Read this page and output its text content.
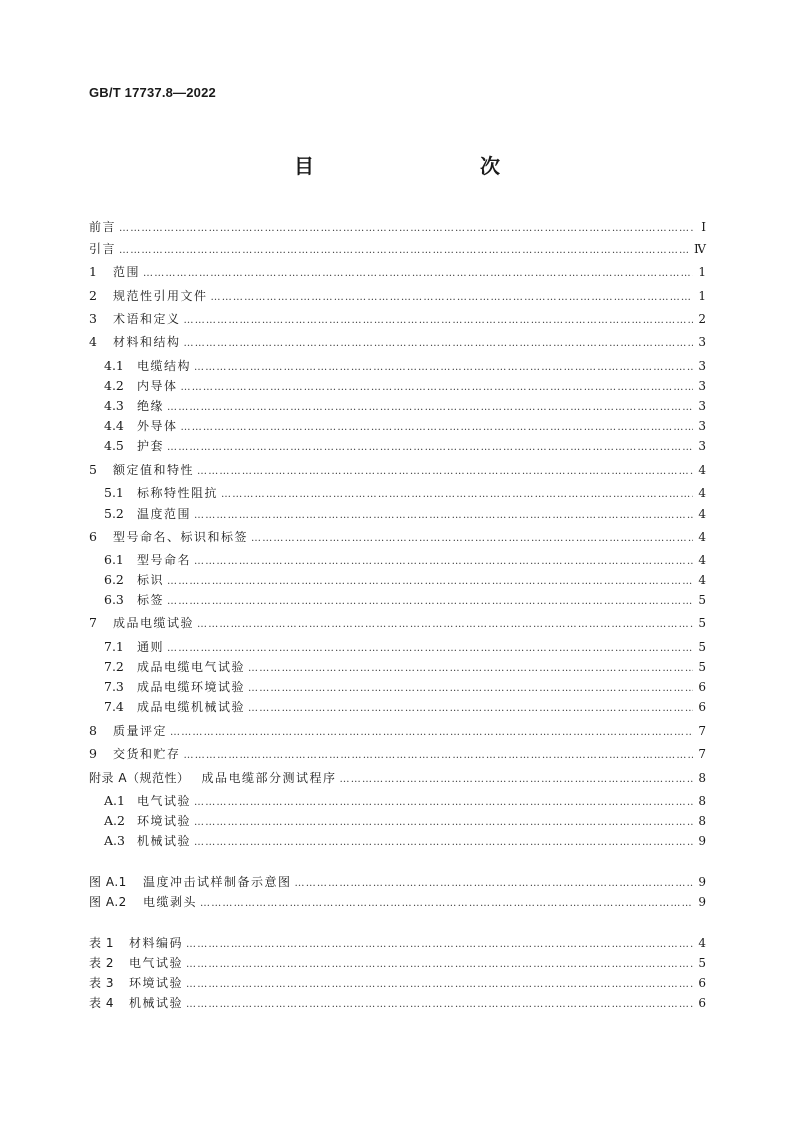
GB/T 17737.8—2022
目　　次
前言 ……………………………………………………………………………………………………………………………………………………………………………………………………………………………………	Ⅰ
引言 ……………………………………………………………………………………………………………………………………………………………………………………………………………………………………	Ⅳ
1	范围 ……………………………………………………………………………………………………………………………………………………………………………………………………………………………………	1
2	规范性引用文件 ……………………………………………………………………………………………………………………………………………………………………………………………………………………………………	1
3	术语和定义 ……………………………………………………………………………………………………………………………………………………………………………………………………………………………………	2
4	材料和结构 ……………………………………………………………………………………………………………………………………………………………………………………………………………………………………	3
4.1	电缆结构 ……………………………………………………………………………………………………………………………………………………………………………………………………………………………………	3
4.2	内导体 ……………………………………………………………………………………………………………………………………………………………………………………………………………………………………	3
4.3	绝缘 ……………………………………………………………………………………………………………………………………………………………………………………………………………………………………	3
4.4	外导体 ……………………………………………………………………………………………………………………………………………………………………………………………………………………………………	3
4.5	护套 ……………………………………………………………………………………………………………………………………………………………………………………………………………………………………	3
5	额定值和特性 ……………………………………………………………………………………………………………………………………………………………………………………………………………………………………	4
5.1	标称特性阻抗 ……………………………………………………………………………………………………………………………………………………………………………………………………………………………………	4
5.2	温度范围 ……………………………………………………………………………………………………………………………………………………………………………………………………………………………………	4
6	型号命名、标识和标签 ……………………………………………………………………………………………………………………………………………………………………………………………………………………………………	4
6.1	型号命名 ……………………………………………………………………………………………………………………………………………………………………………………………………………………………………	4
6.2	标识 ……………………………………………………………………………………………………………………………………………………………………………………………………………………………………	4
6.3	标签 ……………………………………………………………………………………………………………………………………………………………………………………………………………………………………	5
7	成品电缆试验 ……………………………………………………………………………………………………………………………………………………………………………………………………………………………………	5
7.1	通则 ……………………………………………………………………………………………………………………………………………………………………………………………………………………………………	5
7.2	成品电缆电气试验 ……………………………………………………………………………………………………………………………………………………………………………………………………………………………………	5
7.3	成品电缆环境试验 ……………………………………………………………………………………………………………………………………………………………………………………………………………………………………	6
7.4	成品电缆机械试验 ……………………………………………………………………………………………………………………………………………………………………………………………………………………………………	6
8	质量评定 ……………………………………………………………………………………………………………………………………………………………………………………………………………………………………	7
9	交货和贮存 ……………………………………………………………………………………………………………………………………………………………………………………………………………………………………	7
附录 A（规范性） 成品电缆部分测试程序 ……………………………………………………………………………………………………………………………………………………………………………………………………………………………………	8
A.1	电气试验 ……………………………………………………………………………………………………………………………………………………………………………………………………………………………………	8
A.2	环境试验 ……………………………………………………………………………………………………………………………………………………………………………………………………………………………………	8
A.3	机械试验 ……………………………………………………………………………………………………………………………………………………………………………………………………………………………………	9
图 A.1	温度冲击试样制备示意图 ……………………………………………………………………………………………………………………………………………………………………………………………………………………………………	9
图 A.2	电缆剥头 ……………………………………………………………………………………………………………………………………………………………………………………………………………………………………	9
表 1	材料编码 ……………………………………………………………………………………………………………………………………………………………………………………………………………………………………	4
表 2	电气试验 ……………………………………………………………………………………………………………………………………………………………………………………………………………………………………	5
表 3	环境试验 ……………………………………………………………………………………………………………………………………………………………………………………………………………………………………	6
表 4	机械试验 ……………………………………………………………………………………………………………………………………………………………………………………………………………………………………	6
